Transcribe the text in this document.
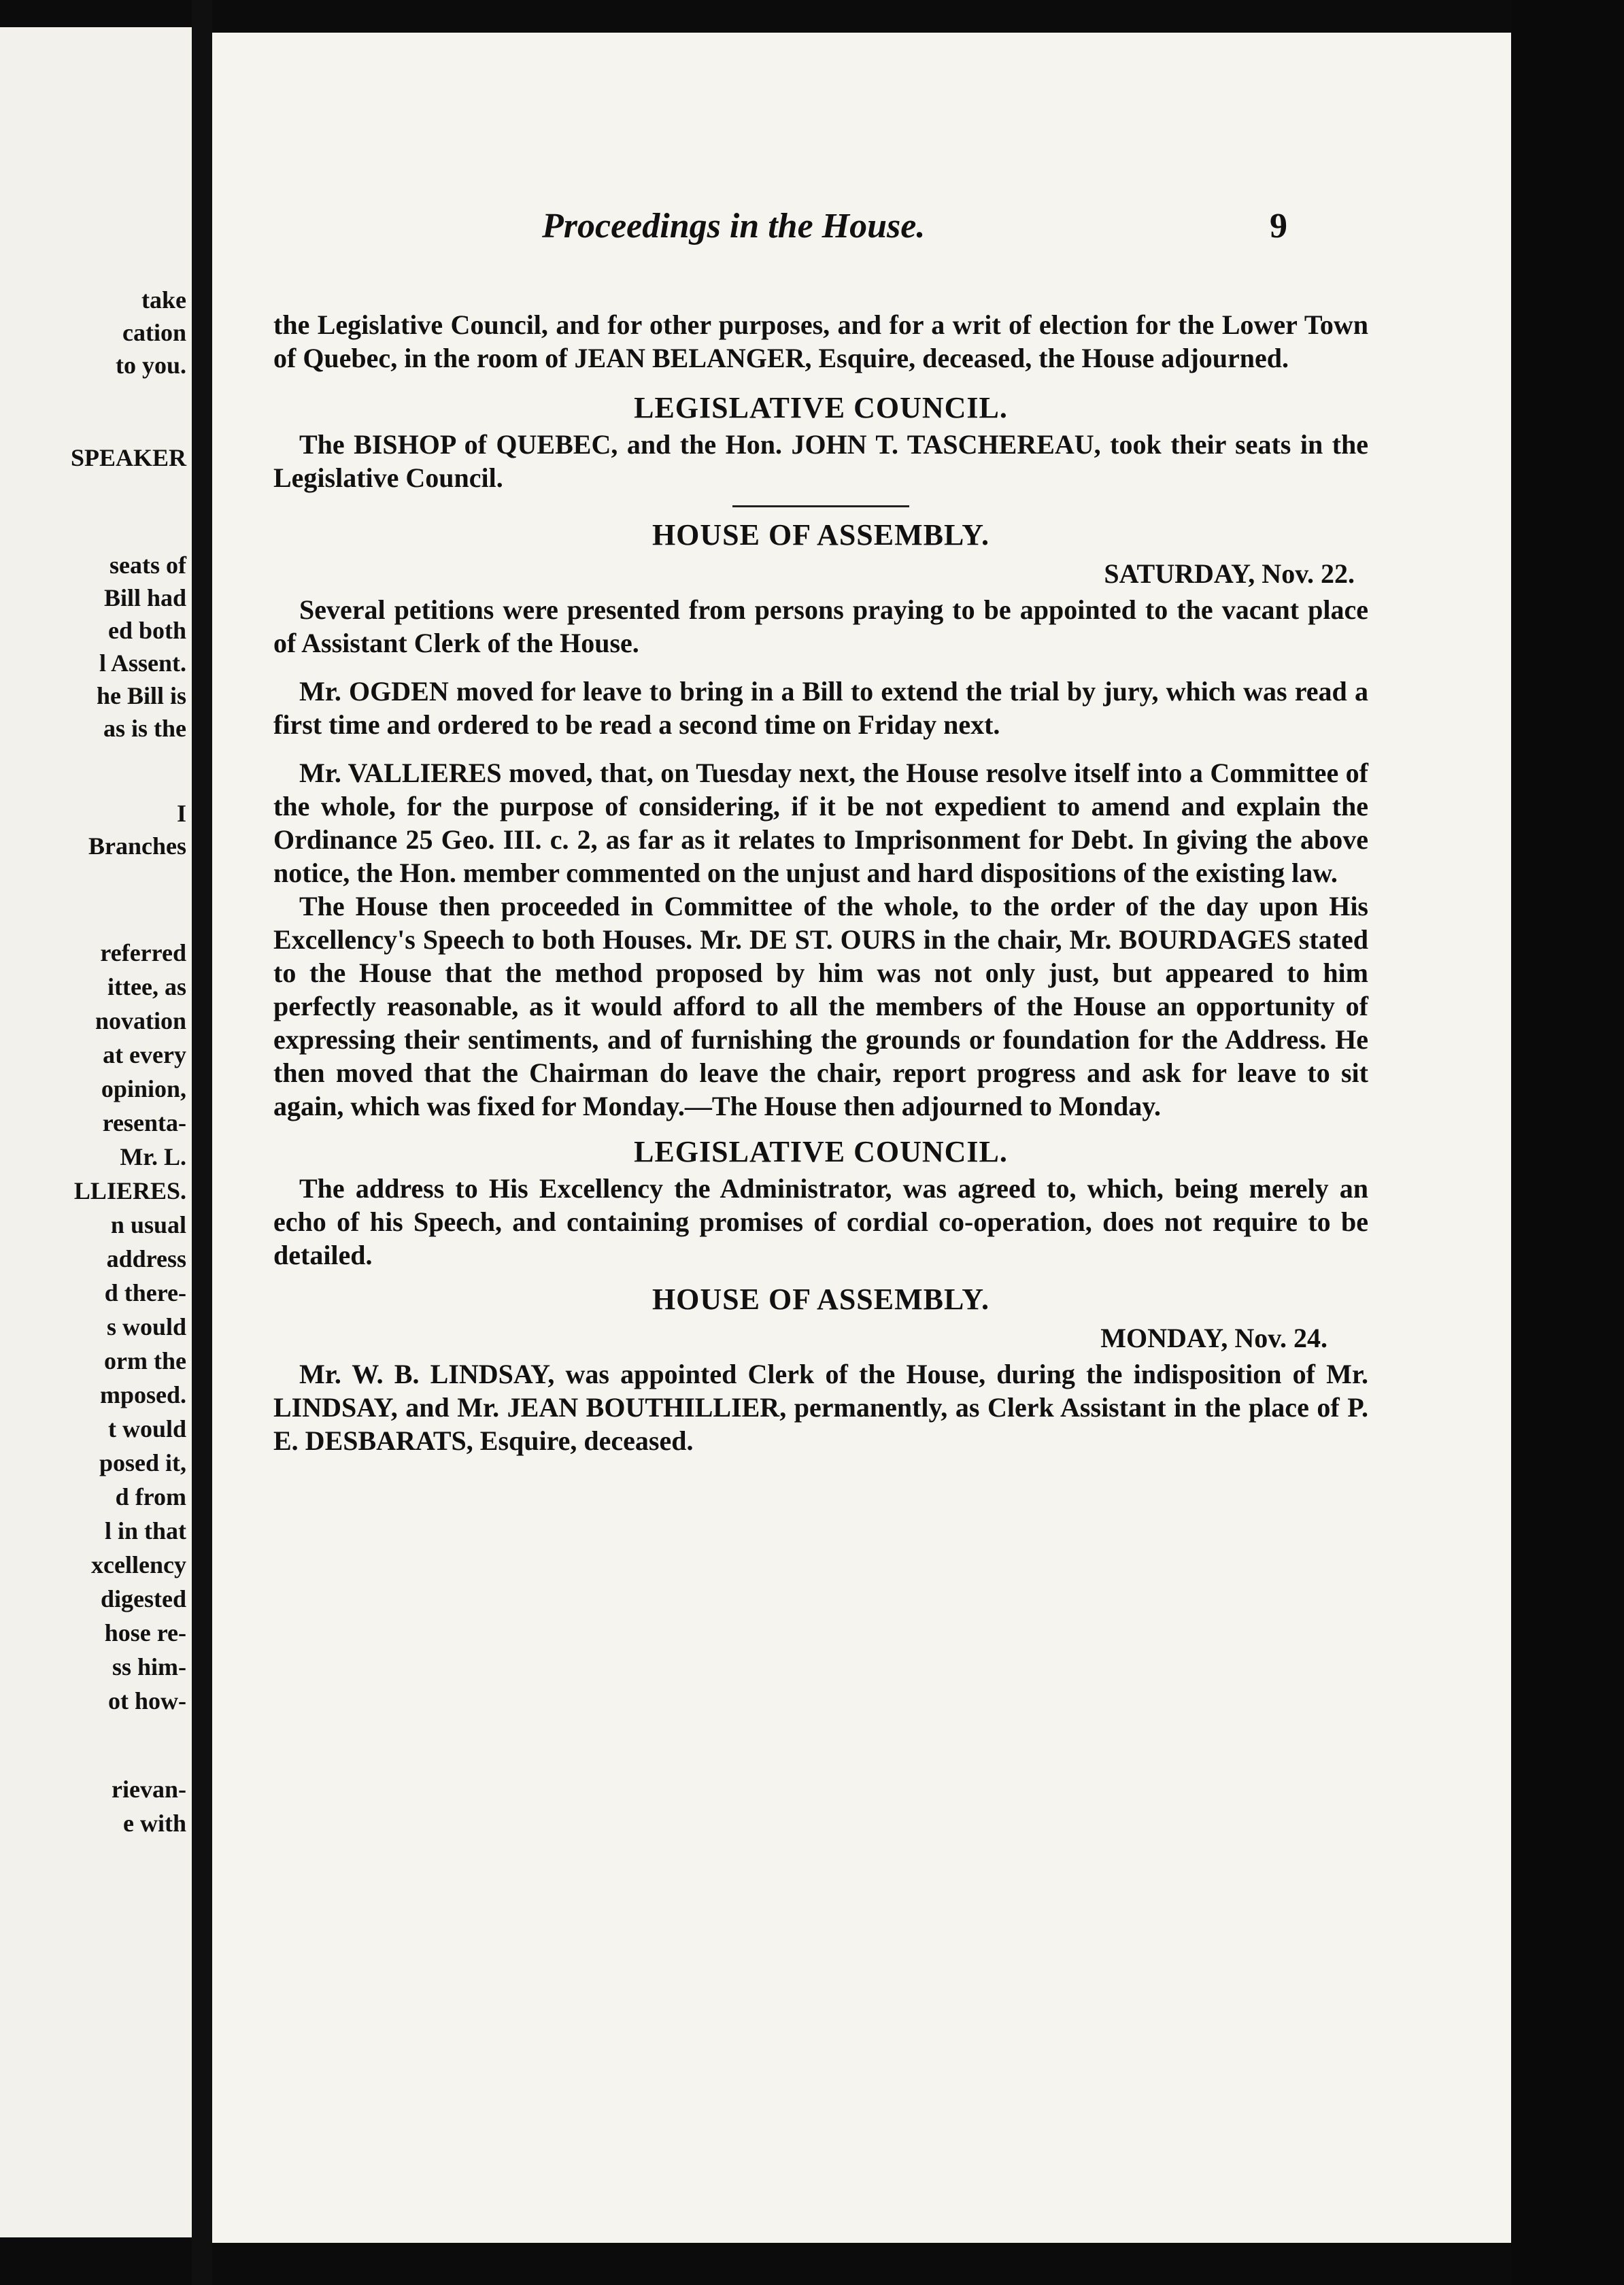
take
cation
to you.
SPEAKER
seats of
Bill had
ed both
l Assent.
he Bill is
as is the
I
Branches
referred
ittee, as
novation
at every
opinion,
resenta-
Mr. L.
LLIERES.
n usual
address
d there-
s would
orm the
mposed.
t would
posed it,
d from
l in that
xcellency
digested
hose re-
ss him-
ot how-
rievan-
e with
Proceedings in the House.	9

the Legislative Council, and for other purposes, and for a writ of election for the Lower Town of Quebec, in the room of JEAN BELANGER, Esquire, deceased, the House adjourned.

LEGISLATIVE COUNCIL.

The BISHOP of QUEBEC, and the Hon. JOHN T. TASCHEREAU, took their seats in the Legislative Council.

HOUSE OF ASSEMBLY.

SATURDAY, Nov. 22.

Several petitions were presented from persons praying to be appointed to the vacant place of Assistant Clerk of the House.

Mr. OGDEN moved for leave to bring in a Bill to extend the trial by jury, which was read a first time and ordered to be read a second time on Friday next.

Mr. VALLIERES moved, that, on Tuesday next, the House resolve itself into a Committee of the whole, for the purpose of considering, if it be not expedient to amend and explain the Ordinance 25 Geo. III. c. 2, as far as it relates to Imprisonment for Debt. In giving the above notice, the Hon. member commented on the unjust and hard dispositions of the existing law.

The House then proceeded in Committee of the whole, to the order of the day upon His Excellency's Speech to both Houses. Mr. DE ST. OURS in the chair, Mr. BOURDAGES stated to the House that the method proposed by him was not only just, but appeared to him perfectly reasonable, as it would afford to all the members of the House an opportunity of expressing their sentiments, and of furnishing the grounds or foundation for the Address. He then moved that the Chairman do leave the chair, report progress and ask for leave to sit again, which was fixed for Monday.—The House then adjourned to Monday.

LEGISLATIVE COUNCIL.

The address to His Excellency the Administrator, was agreed to, which, being merely an echo of his Speech, and containing promises of cordial co-operation, does not require to be detailed.

HOUSE OF ASSEMBLY.

MONDAY, Nov. 24.

Mr. W. B. LINDSAY, was appointed Clerk of the House, during the indisposition of Mr. LINDSAY, and Mr. JEAN BOUTHILLIER, permanently, as Clerk Assistant in the place of P. E. DESBARATS, Esquire, deceased.
